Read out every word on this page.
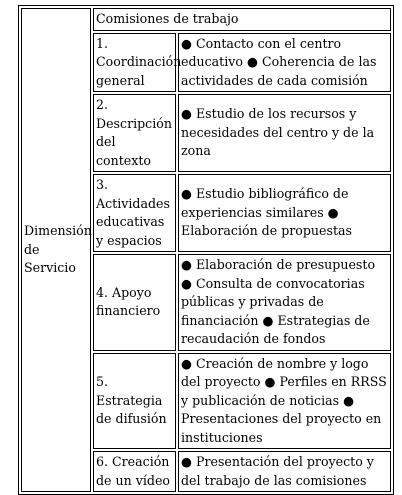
Dimensión de Servicio	Comisiones de trabajo	
	1. Coordinación general	● Contacto con el centro educativo ● Coherencia de las actividades de cada comisión
	2. Descripción del contexto	● Estudio de los recursos y necesidades del centro y de la zona
	3. Actividades educativas y espacios	● Estudio bibliográfico de experiencias similares ● Elaboración de propuestas
	4. Apoyo financiero	● Elaboración de presupuesto ● Consulta de convocatorias públicas y privadas de financiación ● Estrategias de recaudación de fondos
	5. Estrategia de difusión	● Creación de nombre y logo del proyecto ● Perfiles en RRSS y publicación de noticias ● Presentaciones del proyecto en instituciones
	6. Creación de un vídeo	● Presentación del proyecto y del trabajo de las comisiones
